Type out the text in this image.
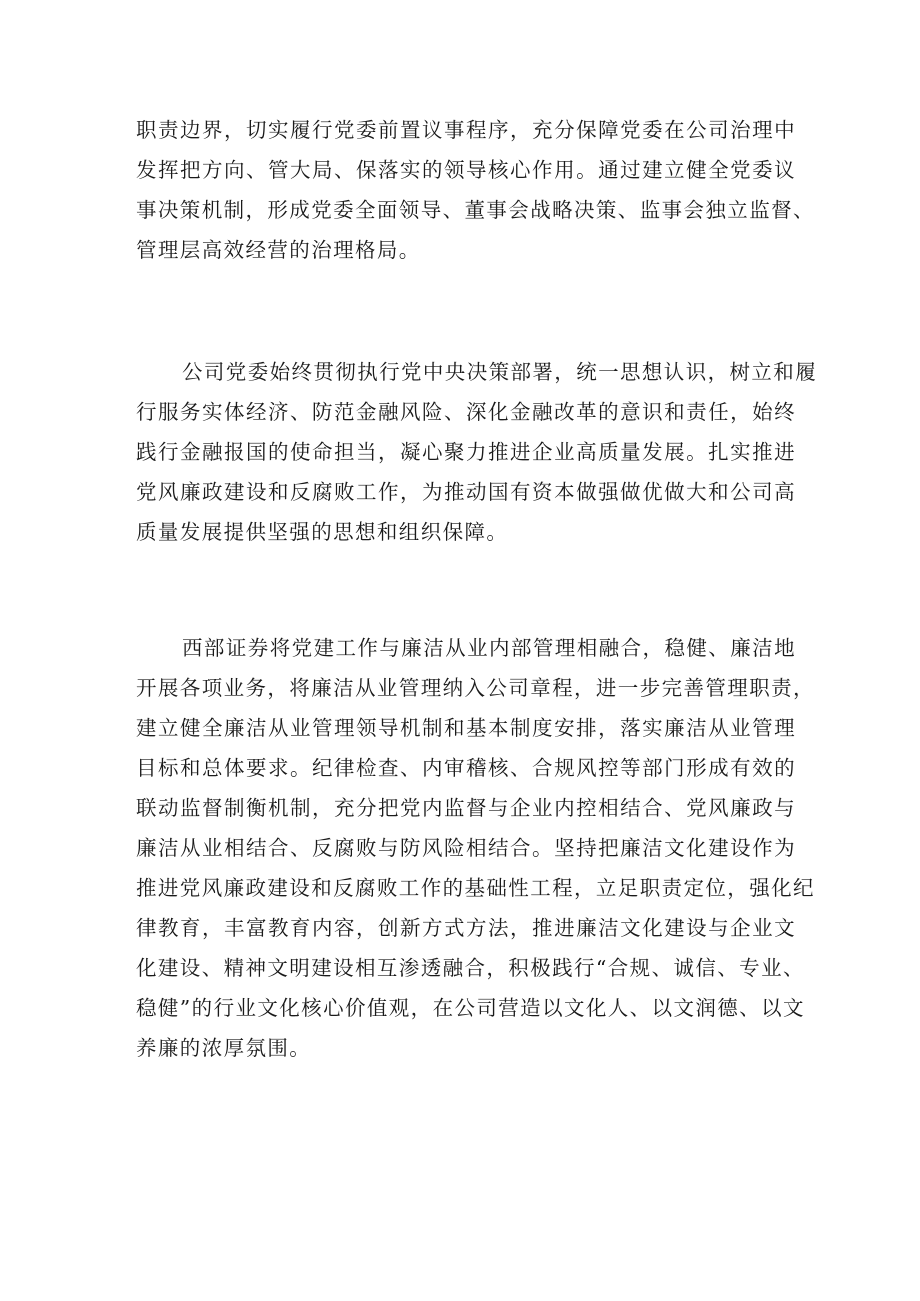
职责边界，切实履行党委前置议事程序，充分保障党委在公司治理中
发挥把方向、管大局、保落实的领导核心作用。通过建立健全党委议
事决策机制，形成党委全面领导、董事会战略决策、监事会独立监督、
管理层高效经营的治理格局。
公司党委始终贯彻执行党中央决策部署，统一思想认识，树立和履
行服务实体经济、防范金融风险、深化金融改革的意识和责任，始终
践行金融报国的使命担当，凝心聚力推进企业高质量发展。扎实推进
党风廉政建设和反腐败工作，为推动国有资本做强做优做大和公司高
质量发展提供坚强的思想和组织保障。
西部证券将党建工作与廉洁从业内部管理相融合，稳健、廉洁地
开展各项业务，将廉洁从业管理纳入公司章程，进一步完善管理职责，
建立健全廉洁从业管理领导机制和基本制度安排，落实廉洁从业管理
目标和总体要求。纪律检查、内审稽核、合规风控等部门形成有效的
联动监督制衡机制，充分把党内监督与企业内控相结合、党风廉政与
廉洁从业相结合、反腐败与防风险相结合。坚持把廉洁文化建设作为
推进党风廉政建设和反腐败工作的基础性工程，立足职责定位，强化纪
律教育，丰富教育内容，创新方式方法，推进廉洁文化建设与企业文
化建设、精神文明建设相互渗透融合，积极践行“合规、诚信、专业、
稳健”的行业文化核心价值观，在公司营造以文化人、以文润德、以文
养廉的浓厚氛围。
